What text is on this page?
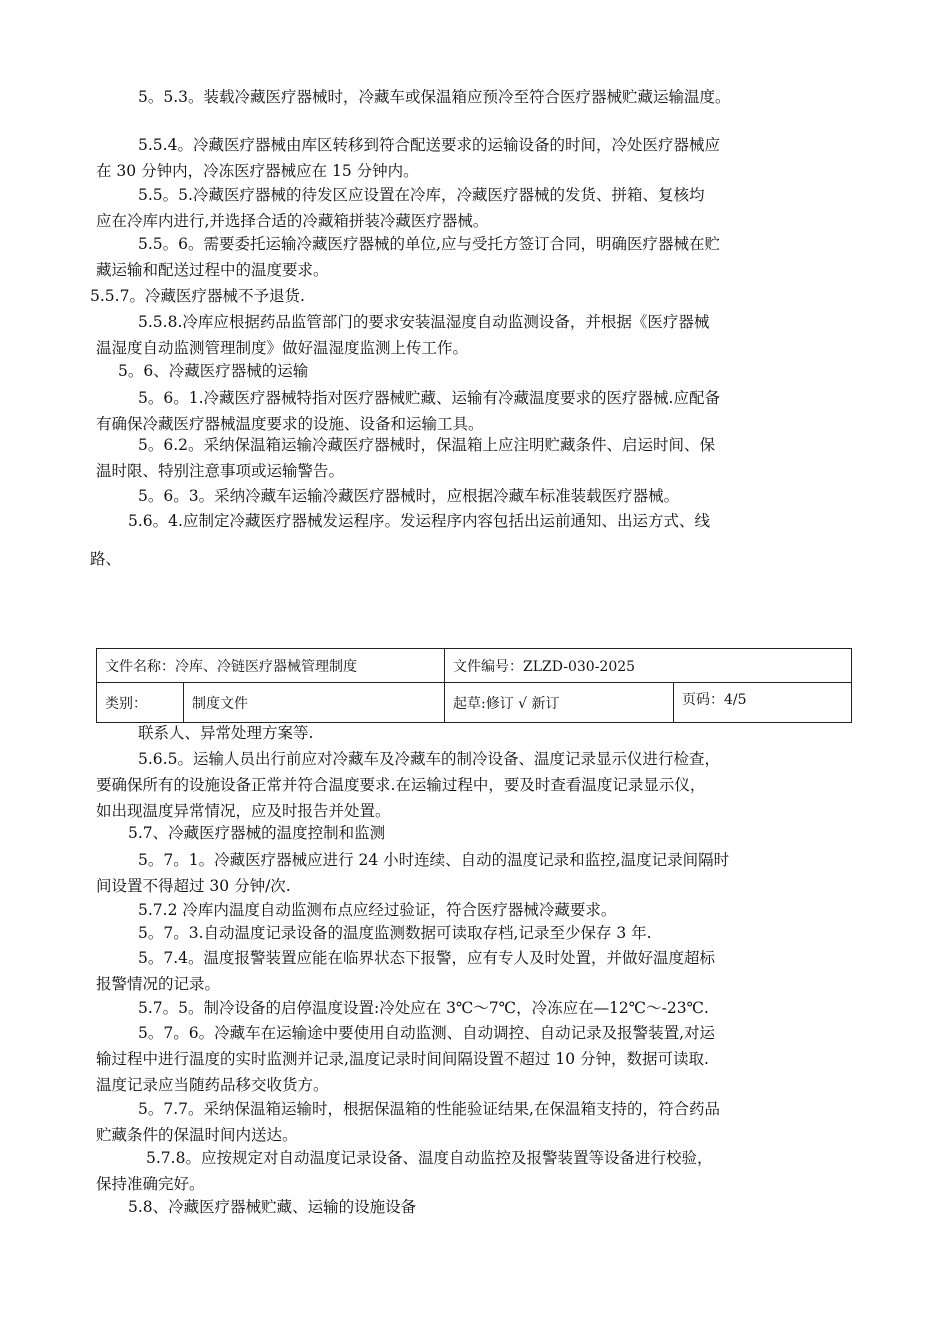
5。5.3。装载冷藏医疗器械时，冷藏车或保温箱应预冷至符合医疗器械贮藏运输温度。
5.5.4。冷藏医疗器械由库区转移到符合配送要求的运输设备的时间，冷处医疗器械应
在 30 分钟内，冷冻医疗器械应在 15 分钟内。
5.5。5.冷藏医疗器械的待发区应设置在冷库，冷藏医疗器械的发货、拼箱、复核均
应在冷库内进行,并选择合适的冷藏箱拼装冷藏医疗器械。
5.5。6。需要委托运输冷藏医疗器械的单位,应与受托方签订合同，明确医疗器械在贮
藏运输和配送过程中的温度要求。
5.5.7。冷藏医疗器械不予退货.
5.5.8.冷库应根据药品监管部门的要求安装温湿度自动监测设备，并根据《医疗器械
温湿度自动监测管理制度》做好温湿度监测上传工作。
5。6、冷藏医疗器械的运输
5。6。1.冷藏医疗器械特指对医疗器械贮藏、运输有冷藏温度要求的医疗器械.应配备
有确保冷藏医疗器械温度要求的设施、设备和运输工具。
5。6.2。采纳保温箱运输冷藏医疗器械时，保温箱上应注明贮藏条件、启运时间、保
温时限、特别注意事项或运输警告。
5。6。3。采纳冷藏车运输冷藏医疗器械时，应根据冷藏车标准装载医疗器械。
5.6。4.应制定冷藏医疗器械发运程序。发运程序内容包括出运前通知、出运方式、线
路、
文件名称：冷库、冷链医疗器械管理制度		文件编号：ZLZD-030-2025	
类别：	制度文件	起草:修订 √ 新订	页码：4/5
联系人、异常处理方案等.
5.6.5。运输人员出行前应对冷藏车及冷藏车的制冷设备、温度记录显示仪进行检查，
要确保所有的设施设备正常并符合温度要求.在运输过程中，要及时查看温度记录显示仪，
如出现温度异常情况，应及时报告并处置。
5.7、冷藏医疗器械的温度控制和监测
5。7。1。冷藏医疗器械应进行 24 小时连续、自动的温度记录和监控,温度记录间隔时
间设置不得超过 30 分钟/次.
5.7.2 冷库内温度自动监测布点应经过验证，符合医疗器械冷藏要求。
5。7。3.自动温度记录设备的温度监测数据可读取存档,记录至少保存 3 年.
5。7.4。温度报警装置应能在临界状态下报警，应有专人及时处置，并做好温度超标
报警情况的记录。
5.7。5。制冷设备的启停温度设置:冷处应在 3℃～7℃，冷冻应在—12℃～-23℃.
5。7。6。冷藏车在运输途中要使用自动监测、自动调控、自动记录及报警装置,对运
输过程中进行温度的实时监测并记录,温度记录时间间隔设置不超过 10 分钟，数据可读取.
温度记录应当随药品移交收货方。
5。7.7。采纳保温箱运输时，根据保温箱的性能验证结果,在保温箱支持的，符合药品
贮藏条件的保温时间内送达。
5.7.8。应按规定对自动温度记录设备、温度自动监控及报警装置等设备进行校验，
保持准确完好。
5.8、冷藏医疗器械贮藏、运输的设施设备
